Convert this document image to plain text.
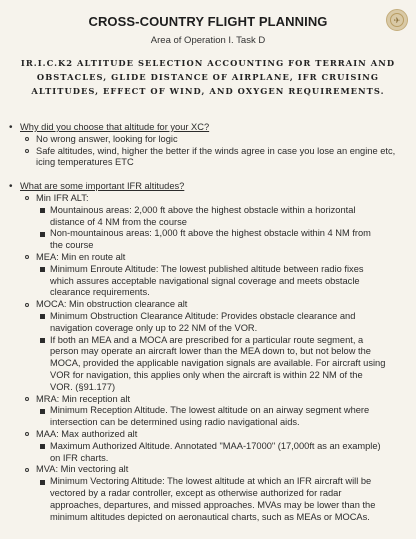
✈
CROSS-COUNTRY FLIGHT PLANNING
Area of Operation I. Task D
IR.I.C.K2 ALTITUDE SELECTION ACCOUNTING FOR TERRAIN AND OBSTACLES, GLIDE DISTANCE OF AIRPLANE, IFR CRUISING ALTITUDES, EFFECT OF WIND, AND OXYGEN REQUIREMENTS.
• Why did you choose that altitude for your XC?
No wrong answer, looking for logic
Safe altitudes, wind, higher the better if the winds agree in case you lose an engine etc, icing temperatures ETC
• What are some important IFR altitudes?
Min IFR ALT:
Mountainous areas: 2,000 ft above the highest obstacle within a horizontal distance of 4 NM from the course
Non-mountainous areas: 1,000 ft above the highest obstacle within 4 NM from the course
MEA: Min en route alt
Minimum Enroute Altitude: The lowest published altitude between radio fixes which assures acceptable navigational signal coverage and meets obstacle clearance requirements.
MOCA: Min obstruction clearance alt
Minimum Obstruction Clearance Altitude: Provides obstacle clearance and navigation coverage only up to 22 NM of the VOR.
If both an MEA and a MOCA are prescribed for a particular route segment, a person may operate an aircraft lower than the MEA down to, but not below the MOCA, provided the applicable navigation signals are available. For aircraft using VOR for navigation, this applies only when the aircraft is within 22 NM of the VOR. (§91.177)
MRA: Min reception alt
Minimum Reception Altitude. The lowest altitude on an airway segment where intersection can be determined using radio navigational aids.
MAA: Max authorized alt
Maximum Authorized Altitude. Annotated "MAA-17000" (17,000ft as an example) on IFR charts.
MVA: Min vectoring alt
Minimum Vectoring Altitude: The lowest altitude at which an IFR aircraft will be vectored by a radar controller, except as otherwise authorized for radar approaches, departures, and missed approaches. MVAs may be lower than the minimum altitudes depicted on aeronautical charts, such as MEAs or MOCAs.
